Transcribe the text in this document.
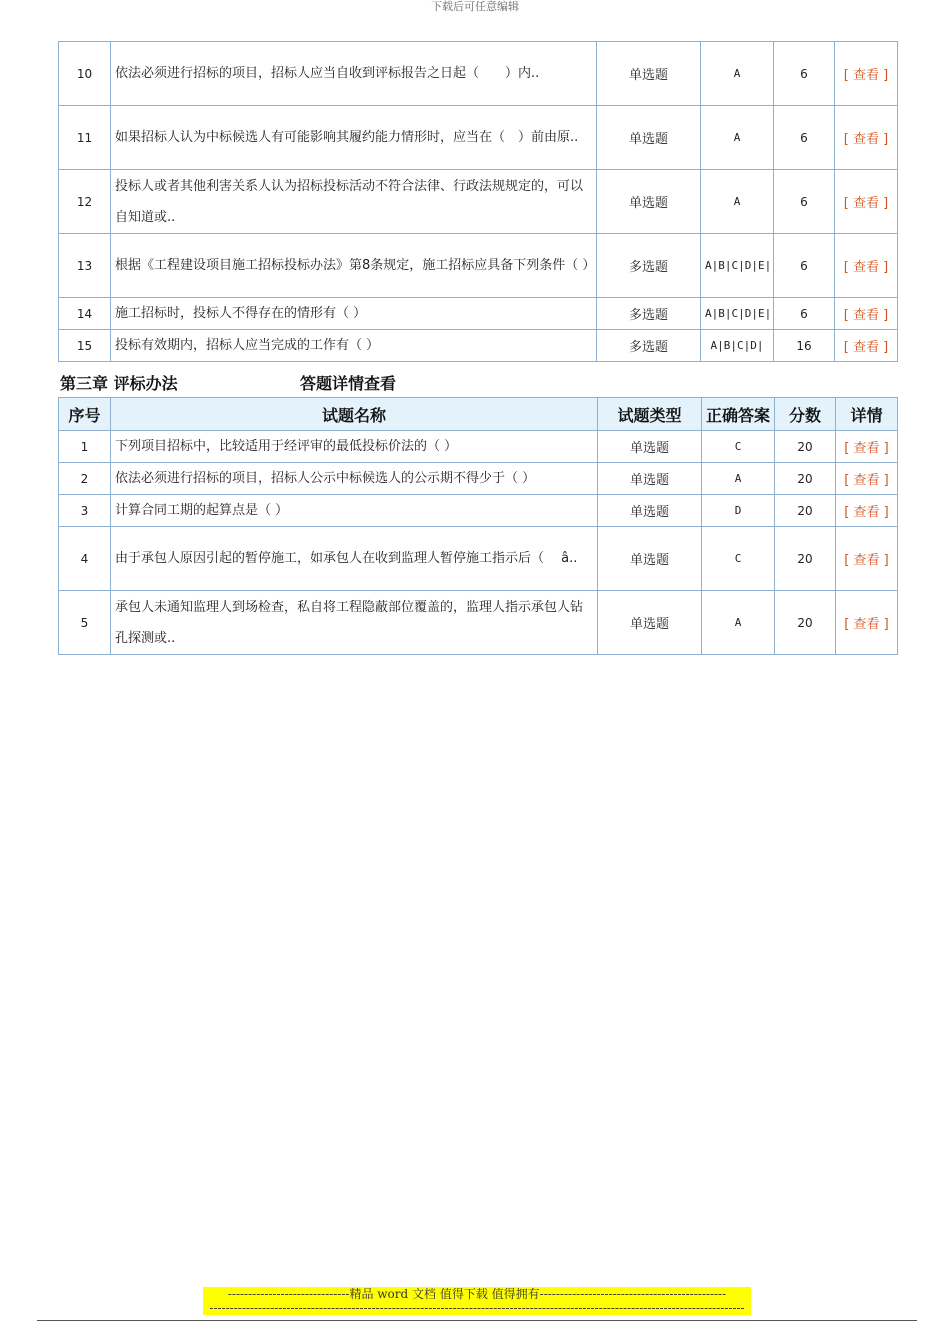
下载后可任意编辑
10	依法必须进行招标的项目，招标人应当自收到评标报告之日起（　　）内..	单选题	A	6	[ 查看 ]
11	如果招标人认为中标候选人有可能影响其履约能力情形时，应当在（　）前由原..	单选题	A	6	[ 查看 ]
12	投标人或者其他利害关系人认为招标投标活动不符合法律、行政法规规定的，可以自知道或..	单选题	A	6	[ 查看 ]
13	根据《工程建设项目施工招标投标办法》第8条规定，施工招标应具备下列条件（ ）	多选题	A|B|C|D|E|	6	[ 查看 ]
14	施工招标时，投标人不得存在的情形有（ ）	多选题	A|B|C|D|E|	6	[ 查看 ]
15	投标有效期内，招标人应当完成的工作有（ ）	多选题	A|B|C|D|	16	[ 查看 ]
第三章 评标办法	答题详情查看
序号	试题名称	试题类型	正确答案	分数	详情
1	下列项目招标中，比较适用于经评审的最低投标价法的（ ）	单选题	C	20	[ 查看 ]
2	依法必须进行招标的项目，招标人公示中标候选人的公示期不得少于（ ）	单选题	A	20	[ 查看 ]
3	计算合同工期的起算点是（ ）	单选题	D	20	[ 查看 ]
4	由于承包人原因引起的暂停施工，如承包人在收到监理人暂停施工指示后（　 â..	单选题	C	20	[ 查看 ]
5	承包人未通知监理人到场检查，私自将工程隐蔽部位覆盖的，监理人指示承包人钻孔探测或..	单选题	A	20	[ 查看 ]
------------------------------精品 word 文档 值得下载 值得拥有----------------------------------------------
------------------------------------------------------------------------------------------------------------------------------------
